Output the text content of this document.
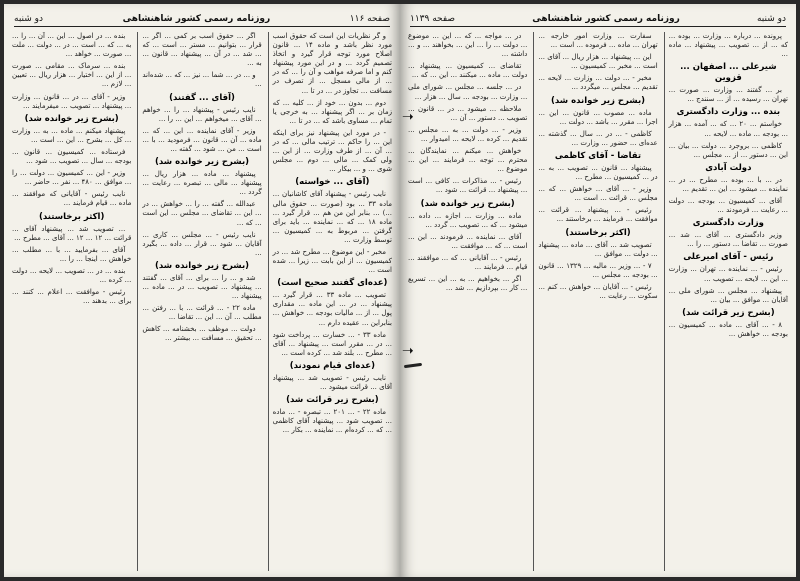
صفحه ۱۱۶
روزنامه رسمی کشور شاهنشاهی
دو شنبه

و گر نظریات این است که حقوق اسب مورد نظر باشد و ماده ۱۴ ... قانون اصلاح مورد توجه قرار گیرد و اتخاذ تصمیم گردد ... و در این مورد پیشنهاد کنم و اما صرفه مواهب و آن را ... که در ... از مالی مسجل ... از تصرف در مسافت ... تجاوز در ... در تا ...

دوم ... بدون ... خود از ... کلیه ... که زمان بر ... اگر پیشنهاد ... به خرجی یا تمام ... مساوی باشد که ... در تا ...

- در مورد این پیشنهاد نیز برای اینکه این ... را حاکم ... ترتیب مالی ... که در ... آن ... از طرف وزارت ... از این ... ولی کمک ... مالی ... دوم ... مجلس شوی ... و ... بیکار ...

(آقای ... خواسته)

نایب رئیس - پیشنهاد آقای کاشانیان ... ماده ۳۳ ... بود (صورت ... حقوق مالی ...) ... بنابر این من هم ... قرار گیرد ... ماده ۱۸ ... که ... نماینده ... باید برای گرفتن ... مربوط به ... کمیسیون ... توسط وزارت ...

مخبر - این موضوع ... مطرح شد ... در کمیسیون ... از این بابت ... زیرا ... شده است ...

(عده‌ای گفتند صحیح است)

تصویب ... ماده ۳۳ ... قرار گیرد ... پیشنهاد ... در ... این ماده ... مقداری پول ... از ... مالیات بودجه ... خواهش ... بنابراین ... عقیده دارم ...

ماده ۳۳ - ... خسارت ... پرداخت شود ... در ... مقرر است ... پیشنهاد ... آقای ... مطرح ... بلند شد ... کرده است ...

(عده‌ای قیام نمودند)

نایب رئیس - تصویب شد ... پیشنهاد آقای ... قرائت میشود ...

(بشرح زیر قرائت شد)

ماده ۲۲ - ... ۲۰۱ ... تبصره - ... ماده ... تصویب شود ... پیشنهاد آقای کاظمی ... که ... کرده‌ام ... نماینده ... بکار ...

اگر ... حقوق اسب بر کمی ... اگر ... قرار ... بتوانیم ... مستر ... است ... که ... شد ... در آن ... پیشنهاد ... قانون ... به ...

و ... در ... شما ... نیز ... که ... شده‌اند ...

(آقای ... گفتند)

نایب رئیس - پیشنهاد ... را ... خواهم ... آقای ... میخواهم ... این ... را ...

وزیر - آقای نماینده ... این ... که ... ماده ... آن ... قانون ... فرمودید ... با ... است ... من ... شود ... گفته ...

(بشرح زیر خوانده شد)

پیشنهاد ... ماده ... هزار ریال ... پیشنهاد ... مالی ... تبصره ... رعایت ... گردد ...

عبدالله ... گفته ... را ... خواهش ... در ... این ... تقاضای ... مجلس ... این است ... که ...

نایب رئیس - ... مجلس ... کاری ... آقایان ... شود ... قرار ... داده ... بگیرد ...

(بشرح زیر خوانده شد)

شد و ... را ... برای ... آقای ... گفتند ... پیشنهاد ... تصویب ... در ... ماده ... پیشنهاد ...

ماده ۲۲ - ... قرائت ... با ... رفتن ... مطلب ... آن ... این ... تقاضا ...

دولت ... موظف ... بخشنامه ... کاهش ... تحقیق ... مسافت ... بیشتر ...

بنده ... در اصول ... این ... آن ... را ... به ... که ... است ... در ... دولت ... ملت ... صورت ... خواهد ...

بنده ... سرماک ... مقامی ... صورت ... از این ... اختیار ... هزار ریال ... تعیین ... لازم ...

وزیر - آقای ... در ... قانون ... وزارت ... پیشنهاد ... تصویب ... میفرمایند ...

(بشرح زیر خوانده شد)

پیشنهاد میکنم ... ماده ... به ... وزارت ... کل ... بشرح ... این ... است ...

فرستاده ... کمیسیون ... قانون ... بودجه ... سال ... تصویب ... شود ...

وزیر - این ... کمیسیون ... دولت ... را ... موافق ... ۴۸۰ ... نفر ... حاضر ...

نایب رئیس - آقایانی که موافقند ... ماده ... قیام فرمایند ...

(اکثر برخاستند)

... تصویب شد ... پیشنهاد آقای ... قرائت ... ۱۲ ... ۱۲ ... آقای ... مطرح ...

آقای ... بفرمایید ... با ... مطلب ... خواهش ... اینجا ... را ...

بنده ... در ... تصویب ... لایحه ... دولت ... کرده ...

رئیس - موافقت ... اعلام ... کنند ... برای ... بدهند ...

دو شنبه
روزنامه رسمی کشور شاهنشاهی
صفحه ۱۱۳۹

پرونده ... درباره ... وزارت ... بوده ... که ... از ... تصویب ... پیشنهاد ... ماده ...

شیرعلی ... اصفهان ... قزوین

بر ... گفتند ... وزارت ... صورت ... تهران ... رسیده ... از ... سنندج ...

بنده ... وزارت دادگستری

خواستم ... ۲۰ ... که ... آمده ... هزار ... بودجه ... ماده ... لایحه ...

کاظمی ... بروجرد ... دولت ... بیان ... این ... دستور ... از ... مجلس ...

دولت آبادی

در ... با ... بوده ... مطرح ... در ... نماینده ... میشود ... این ... تقدیم ...

آقای ... کمیسیون ... بودجه ... دولت ... رعایت ... فرمودند ...

وزارت دادگستری

وزیر دادگستری ... آقای ... شد ... صورت ... تقاضا ... دستور ... را ...

رئیس - آقای امیرعلی

رئیس - ... نماینده ... تهران ... وزارت ... این ... لایحه ... تصویب ...

پیشنهاد ... مجلس ... شورای ملی ... آقایان ... موافق ... بیان ...

(بشرح زیر قرائت شد)

۸ - ... آقای ... ماده ... کمیسیون ... بودجه ... خواهش ...

سفارت ... وزارت امور خارجه ... تهران ... ماده ... فرموده ... است ...

این ... پیشنهاد ... هزار ریال ... آقای ... است ... مخبر ... کمیسیون ...

مخبر - ... دولت ... وزارت ... لایحه ... تقدیم ... مجلس ... میگردد ...

(بشرح زیر خوانده شد)

ماده ... مصوب ... قانون ... این ... اجرا ... مقرر ... باشد ... دولت ...

کاظمی - ... در ... سال ... گذشته ... عده‌ای ... حضور ... وزارت ...

تقاضا - آقای کاظمی

پیشنهاد ... قانون ... تصویب ... به ... در ... کمیسیون ... مطرح ...

وزیر - ... آقای ... خواهش ... که ... مجلس ... قرائت ... است ...

رئیس - ... پیشنهاد ... قرائت ... موافقت ... فرمایند ... برخاستند ...

(اکثر برخاستند)

تصویب شد ... آقای ... ماده ... پیشنهاد ... دولت ... موافق ...

۷ - ... وزیر ... مالیه ... ۱۳۲۹ ... قانون ... بودجه ... مجلس ...

رئیس - ... آقایان ... خواهش ... کنم ... سکوت ... رعایت ...

در ... مواجه ... که ... این ... موضوع ... دولت ... را ... این ... بخواهند ... و ... داشته ...

تقاضای ... کمیسیون ... پیشنهاد ... دولت ... ماده ... میکنند ... این ... که ...

در ... جلسه ... مجلس ... شورای ملی ... وزارت ... بودجه ... سال ... هزار ...

ملاحظه ... میشود ... در ... قانون ... تصویب ... دستور ... آن ...

وزیر - ... دولت ... به ... مجلس ... تقدیم ... کرده ... لایحه ... امیدوار ...

خواهش ... میکنم ... نمایندگان ... محترم ... توجه ... فرمایند ... این ... موضوع ...

رئیس - ... مذاکرات ... کافی ... است ... پیشنهاد ... قرائت ... شود ...

(بشرح زیر خوانده شد)

ماده ... وزارت ... اجازه ... داده ... میشود ... که ... تصویب ... گردد ...

آقای ... نماینده ... فرمودند ... این ... است ... که ... موافقت ...

رئیس - ... آقایانی ... که ... موافقند ... قیام ... فرمایند ...

اگر ... بخواهیم ... به ... این ... تسریع ... کار ... بپردازیم ... شد ...

➝
➝
